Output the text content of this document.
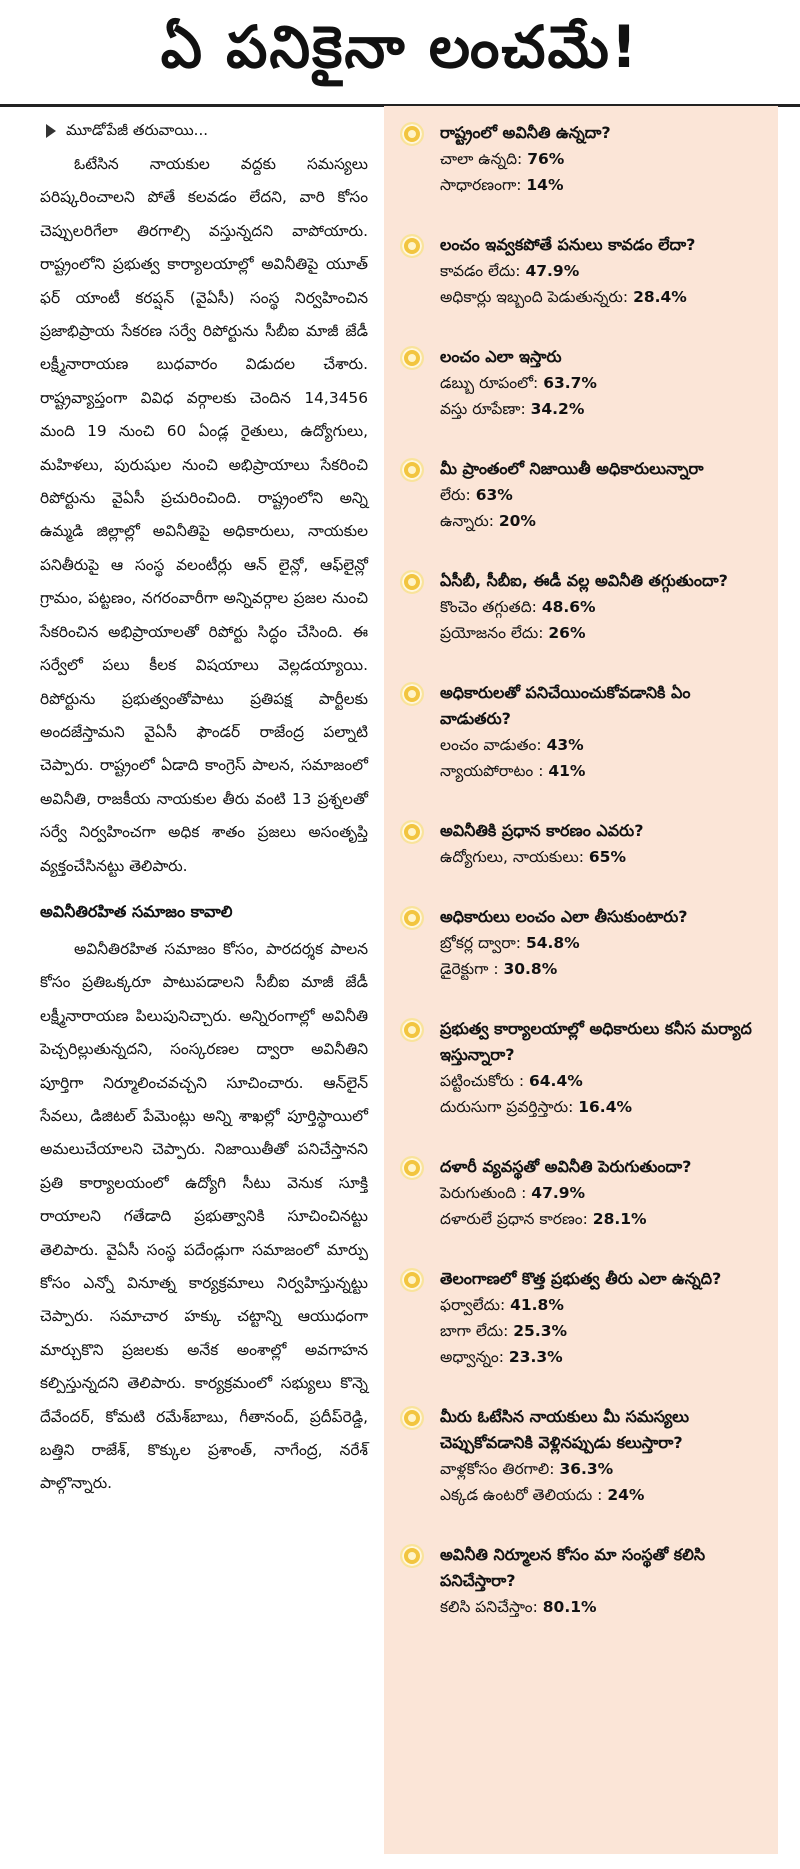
ఏ పనికైనా లంచమే!
మూడోపేజీ తరువాయి...

ఓటేసిన నాయకుల వద్దకు సమస్యలు పరిష్కరించాలని పోతే కలవడం లేదని, వారి కోసం చెప్పులరిగేలా తిరగాల్సి వస్తున్నదని వాపోయారు. రాష్ట్రంలోని ప్రభుత్వ కార్యాలయాల్లో అవినీతిపై యూత్ ఫర్ యాంటీ కరప్షన్ (వైఏసీ) సంస్థ నిర్వహించిన ప్రజాభిప్రాయ సేకరణ సర్వే రిపోర్టును సీబీఐ మాజీ జేడీ లక్ష్మీనారాయణ బుధవారం విడుదల చేశారు. రాష్ట్రవ్యాప్తంగా వివిధ వర్గాలకు చెందిన 14,3456 మంది 19 నుంచి 60 ఏండ్ల రైతులు, ఉద్యోగులు, మహిళలు, పురుషుల నుంచి అభిప్రాయాలు సేకరించి రిపోర్టును వైఏసీ ప్రచురించింది. రాష్ట్రంలోని అన్ని ఉమ్మడి జిల్లాల్లో అవినీతిపై అధికారులు, నాయకుల పనితీరుపై ఆ సంస్థ వలంటీర్లు ఆన్ లైన్లో, ఆఫ్‌లైన్లో గ్రామం, పట్టణం, నగరంవారీగా అన్నివర్గాల ప్రజల నుంచి సేకరించిన అభిప్రాయాలతో రిపోర్టు సిద్ధం చేసింది. ఈ సర్వేలో పలు కీలక విషయాలు వెల్లడయ్యాయి. రిపోర్టును ప్రభుత్వంతోపాటు ప్రతిపక్ష పార్టీలకు అందజేస్తామని వైఏసీ ఫౌండర్ రాజేంద్ర పల్నాటి చెప్పారు. రాష్ట్రంలో ఏడాది కాంగ్రెస్ పాలన, సమాజంలో అవినీతి, రాజకీయ నాయకుల తీరు వంటి 13 ప్రశ్నలతో సర్వే నిర్వహించగా అధిక శాతం ప్రజలు అసంతృప్తి వ్యక్తంచేసినట్టు తెలిపారు.

అవినీతిరహిత సమాజం కావాలి

అవినీతిరహిత సమాజం కోసం, పారదర్శక పాలన కోసం ప్రతిఒక్కరూ పాటుపడాలని సీబీఐ మాజీ జేడీ లక్ష్మీనారాయణ పిలుపునిచ్చారు. అన్నిరంగాల్లో అవినీతి పెచ్చరిల్లుతున్నదని, సంస్కరణల ద్వారా అవినీతిని పూర్తిగా నిర్మూలించవచ్చని సూచించారు. ఆన్‌లైన్ సేవలు, డిజిటల్ పేమెంట్లు అన్ని శాఖల్లో పూర్తిస్థాయిలో అమలుచేయాలని చెప్పారు. నిజాయితీతో పనిచేస్తానని ప్రతి కార్యాలయంలో ఉద్యోగి సీటు వెనుక సూక్తి రాయాలని గతేడాది ప్రభుత్వానికి సూచించినట్టు తెలిపారు. వైఏసీ సంస్థ పదేండ్లుగా సమాజంలో మార్పు కోసం ఎన్నో వినూత్న కార్యక్రమాలు నిర్వహిస్తున్నట్టు చెప్పారు. సమాచార హక్కు చట్టాన్ని ఆయుధంగా మార్చుకొని ప్రజలకు అనేక అంశాల్లో అవగాహన కల్పిస్తున్నదని తెలిపారు. కార్యక్రమంలో సభ్యులు కొన్నె దేవేందర్, కోమటి రమేశ్‌బాబు, గీతానంద్, ప్రదీప్‌రెడ్డి, బత్తిని రాజేశ్, కొక్కుల ప్రశాంత్, నాగేంద్ర, నరేశ్ పాల్గొన్నారు.

రాష్ట్రంలో అవినీతి ఉన్నదా?
చాలా ఉన్నది: 76%
సాధారణంగా: 14%
లంచం ఇవ్వకపోతే పనులు కావడం లేదా?
కావడం లేదు: 47.9%
అధికార్లు ఇబ్బంది పెడుతున్నరు: 28.4%
లంచం ఎలా ఇస్తారు
డబ్బు రూపంలో: 63.7%
వస్తు రూపేణా: 34.2%
మీ ప్రాంతంలో నిజాయితీ అధికారులున్నారా
లేరు: 63%
ఉన్నారు: 20%
ఏసీబీ, సీబీఐ, ఈడీ వల్ల అవినీతి తగ్గుతుందా?
కొంచెం తగ్గుతది: 48.6%
ప్రయోజనం లేదు: 26%
అధికారులతో పనిచేయించుకోవడానికి ఏం వాడుతరు?
లంచం వాడుతం: 43%
న్యాయపోరాటం : 41%
అవినీతికి ప్రధాన కారణం ఎవరు?
ఉద్యోగులు, నాయకులు: 65%
అధికారులు లంచం ఎలా తీసుకుంటారు?
బ్రోకర్ల ద్వారా: 54.8%
డైరెక్టుగా : 30.8%
ప్రభుత్వ కార్యాలయాల్లో అధికారులు కనీస మర్యాద ఇస్తున్నారా?
పట్టించుకోరు : 64.4%
దురుసుగా ప్రవర్తిస్తారు: 16.4%
దళారీ వ్యవస్థతో అవినీతి పెరుగుతుందా?
పెరుగుతుంది : 47.9%
దళారులే ప్రధాన కారణం: 28.1%
తెలంగాణలో కొత్త ప్రభుత్వ తీరు ఎలా ఉన్నది?
ఫర్వాలేదు: 41.8%
బాగా లేదు: 25.3%
అధ్వాన్నం: 23.3%
మీరు ఓటేసిన నాయకులు మీ సమస్యలు చెప్పుకోవడానికి వెళ్లినప్పుడు కలుస్తారా?
వాళ్లకోసం తిరగాలి: 36.3%
ఎక్కడ ఉంటరో తెలియదు : 24%
అవినీతి నిర్మూలన కోసం మా సంస్థతో కలిసి పనిచేస్తారా?
కలిసి పనిచేస్తాం: 80.1%
